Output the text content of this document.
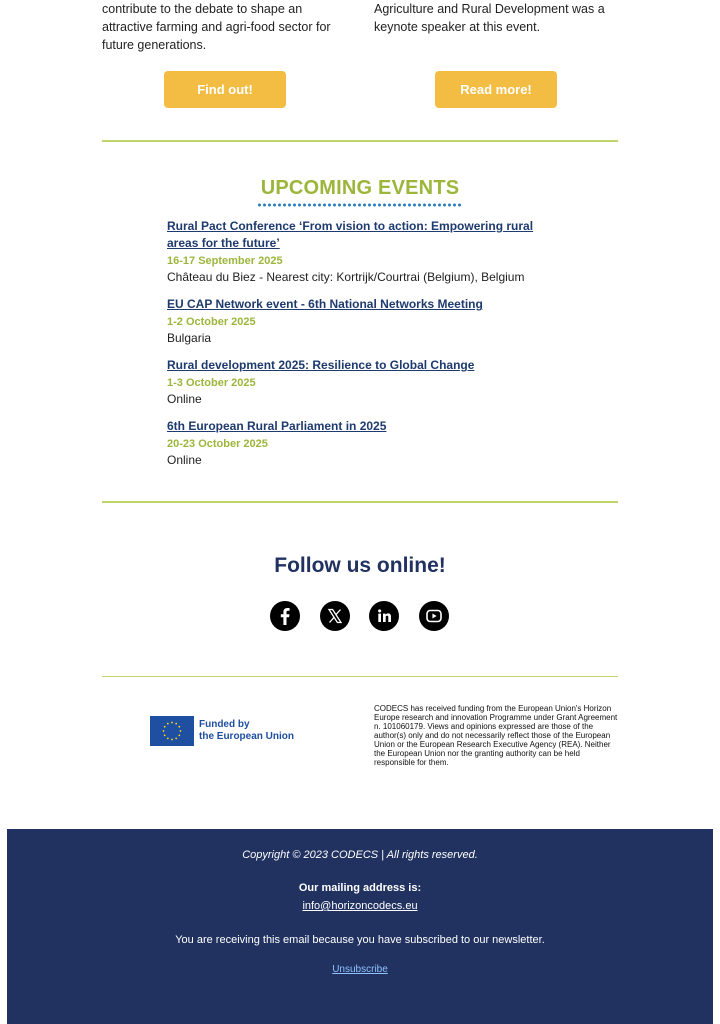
contribute to the debate to shape an attractive farming and agri-food sector for future generations.
Agriculture and Rural Development was a keynote speaker at this event.
Find out!	Read more!
UPCOMING EVENTS
Rural Pact Conference ‘From vision to action: Empowering rural areas for the future’
16-17 September 2025
Château du Biez - Nearest city: Kortrijk/Courtrai (Belgium), Belgium
EU CAP Network event - 6th National Networks Meeting
1-2 October 2025
Bulgaria
Rural development 2025: Resilience to Global Change
1-3 October 2025
Online
6th European Rural Parliament in 2025
20-23 October 2025
Online
Follow us online!
Funded by
the European Union
CODECS has received funding from the European Union's Horizon Europe research and innovation Programme under Grant Agreement n. 101060179. Views and opinions expressed are those of the author(s) only and do not necessarily reflect those of the European Union or the European Research Executive Agency (REA). Neither the European Union nor the granting authority can be held responsible for them.
Copyright © 2023 CODECS | All rights reserved.
Our mailing address is:
info@horizoncodecs.eu
You are receiving this email because you have subscribed to our newsletter.
Unsubscribe
